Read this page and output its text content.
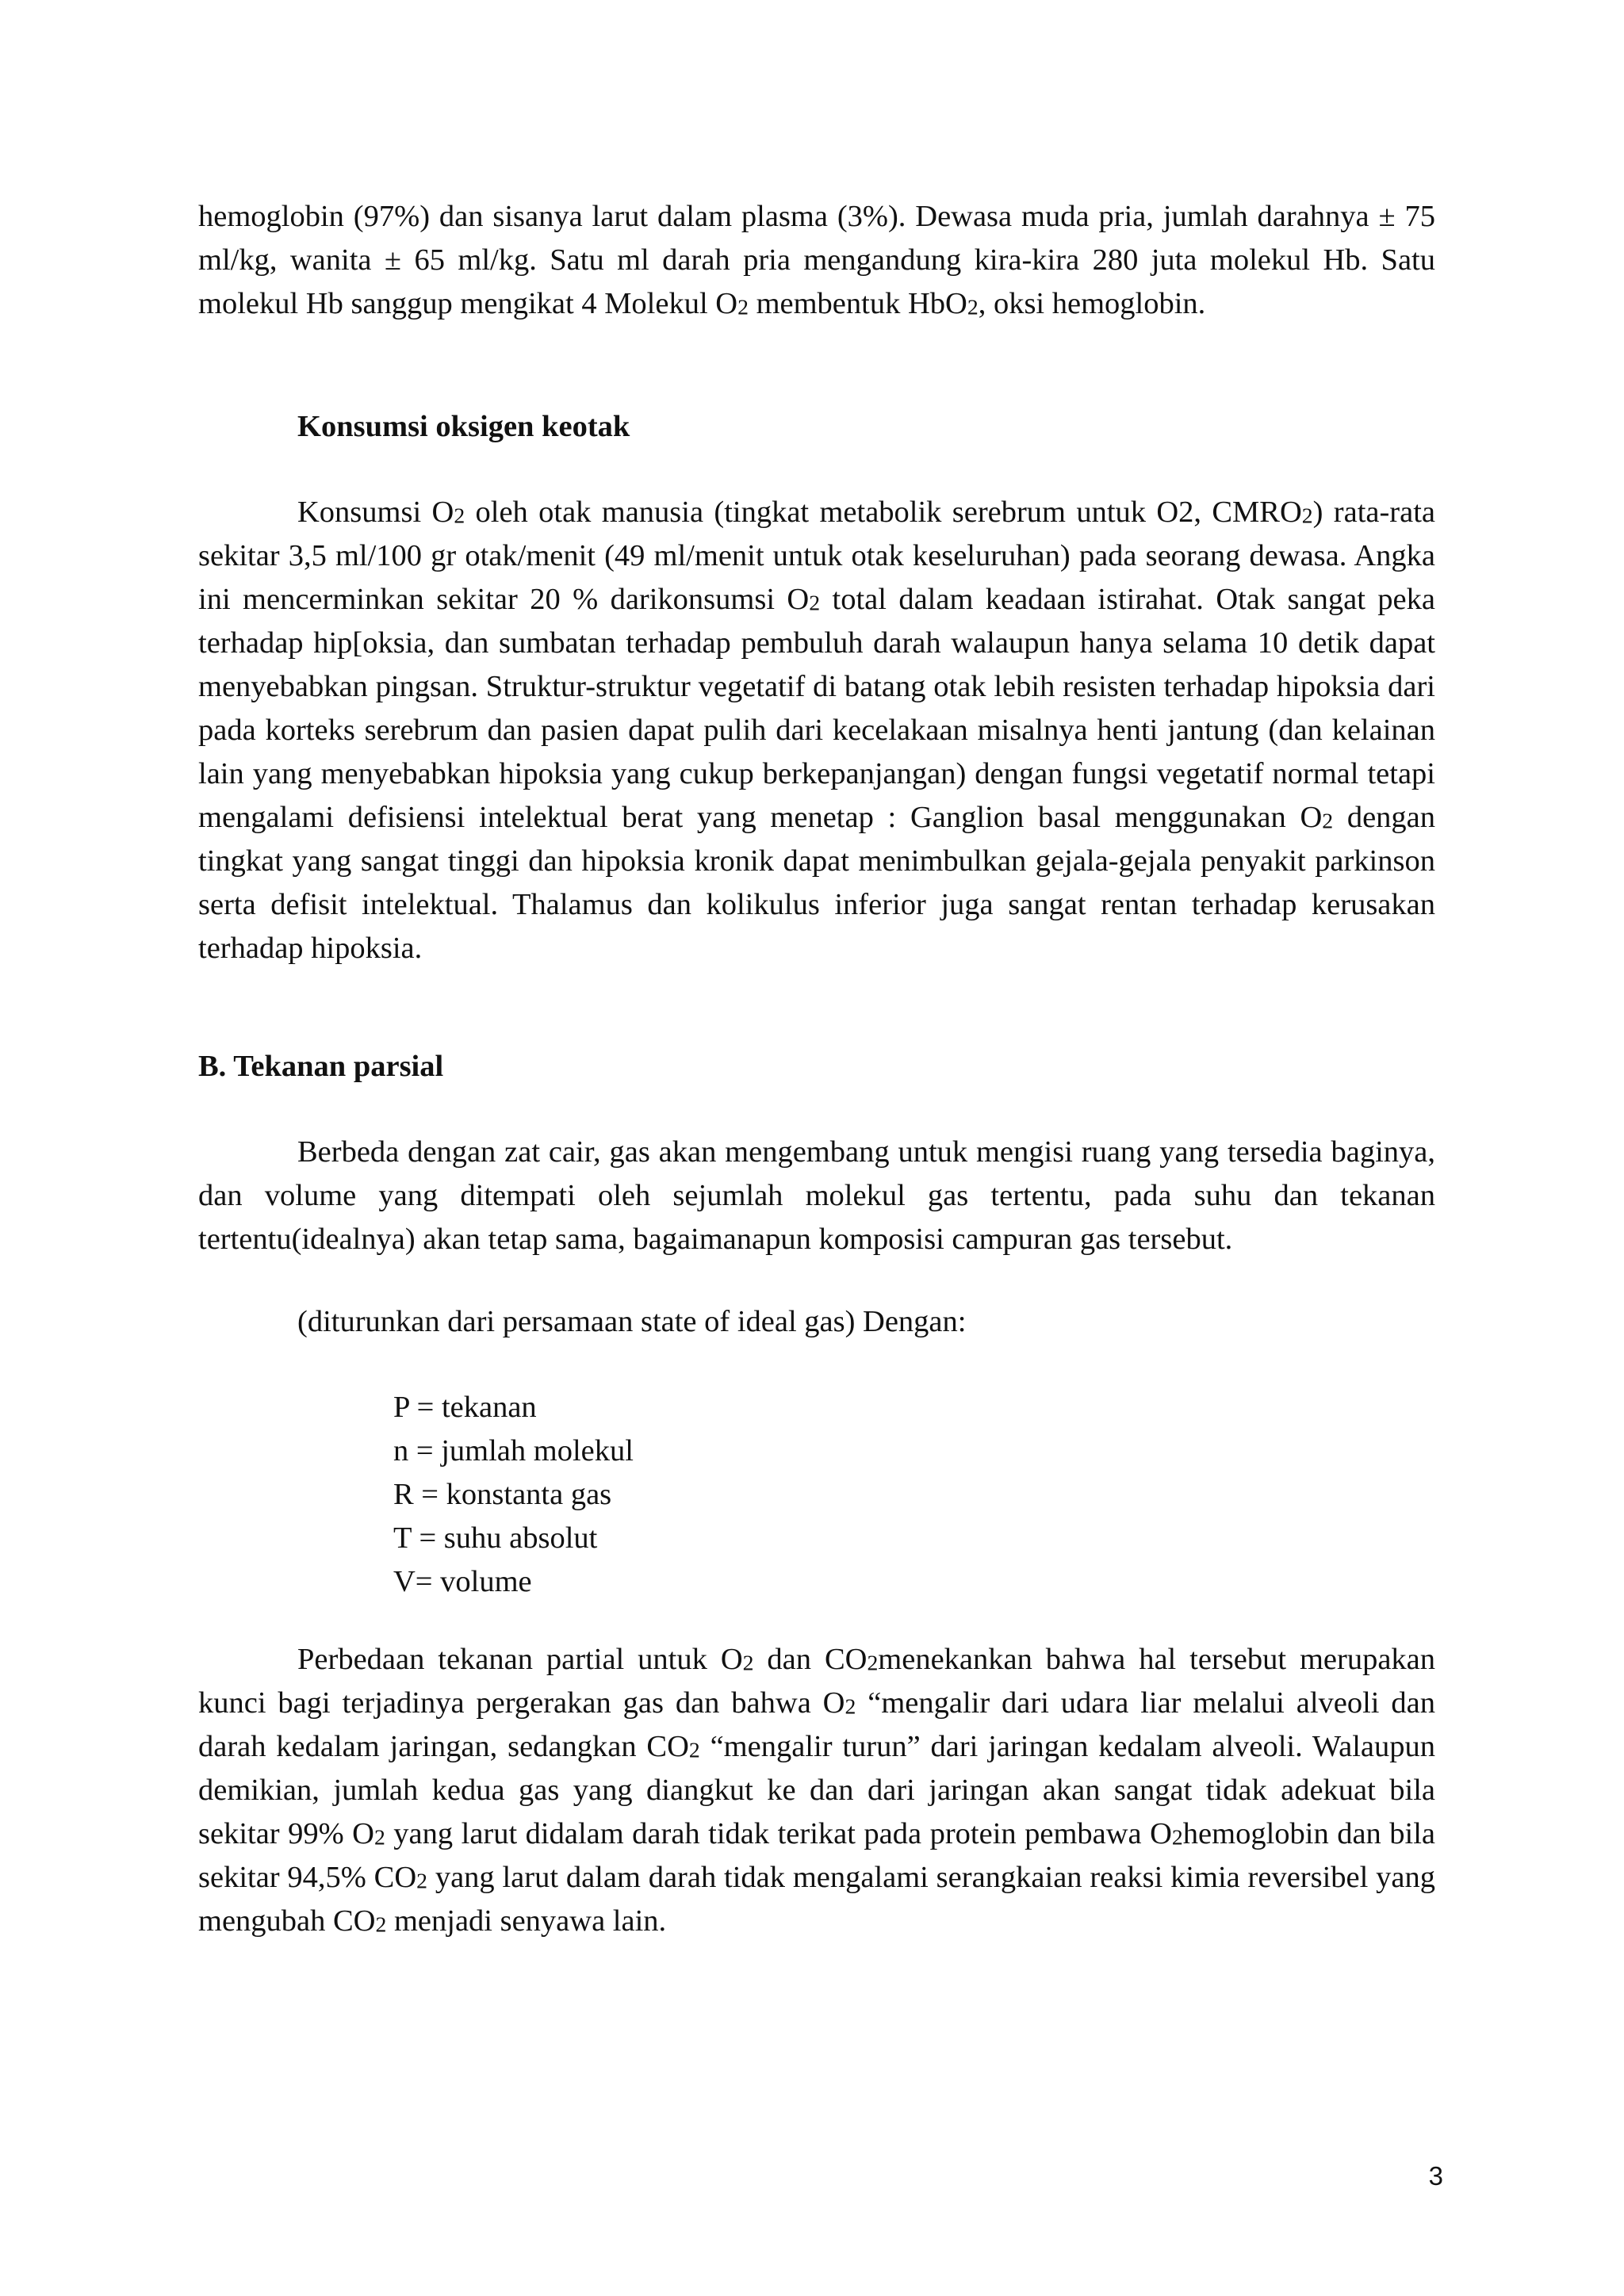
hemoglobin (97%) dan sisanya larut dalam plasma (3%). Dewasa muda pria, jumlah darahnya ± 75 ml/kg, wanita ± 65 ml/kg. Satu ml darah pria mengandung kira-kira 280 juta molekul Hb. Satu molekul Hb sanggup mengikat 4 Molekul $O_2$ membentuk HbO$_2$, oksi hemoglobin.

Konsumsi oksigen keotak

Konsumsi $O_2$ oleh otak manusia (tingkat metabolik serebrum untuk O2, $CMRO_2$) rata-rata sekitar 3,5 ml/100 gr otak/menit (49 ml/menit untuk otak keseluruhan) pada seorang dewasa. Angka ini mencerminkan sekitar 20 % darikonsumsi $O_2$ total dalam keadaan istirahat. Otak sangat peka terhadap hip[oksia, dan sumbatan terhadap pembuluh darah walaupun hanya selama 10 detik dapat menyebabkan pingsan. Struktur-struktur vegetatif di batang otak lebih resisten terhadap hipoksia dari pada korteks serebrum dan pasien dapat pulih dari kecelakaan misalnya henti jantung (dan kelainan lain yang menyebabkan hipoksia yang cukup berkepanjangan) dengan fungsi vegetatif normal tetapi mengalami defisiensi intelektual berat yang menetap : Ganglion basal menggunakan $O_2$ dengan tingkat yang sangat tinggi dan hipoksia kronik dapat menimbulkan gejala-gejala penyakit parkinson serta defisit intelektual. Thalamus dan kolikulus inferior juga sangat rentan terhadap kerusakan terhadap hipoksia.

B. Tekanan parsial

Berbeda dengan zat cair, gas akan mengembang untuk mengisi ruang yang tersedia baginya, dan volume yang ditempati oleh sejumlah molekul gas tertentu, pada suhu dan tekanan tertentu(idealnya) akan tetap sama, bagaimanapun komposisi campuran gas tersebut.

(diturunkan dari persamaan state of ideal gas) Dengan:

P = tekanan
n = jumlah molekul
R = konstanta gas
T = suhu absolut
V= volume

Perbedaan tekanan partial untuk $O_2$ dan $CO_2menekankan$ bahwa hal tersebut merupakan kunci bagi terjadinya pergerakan gas dan bahwa $O_2$ “mengalir dari udara liar melalui alveoli dan darah kedalam jaringan, sedangkan $CO_2$ “mengalir turun” dari jaringan kedalam alveoli. Walaupun demikian, jumlah kedua gas yang diangkut ke dan dari jaringan akan sangat tidak adekuat bila sekitar 99% $O_2$ yang larut didalam darah tidak terikat pada protein pembawa $O_2hemoglobin$ dan bila sekitar 94,5% $CO_2$ yang larut dalam darah tidak mengalami serangkaian reaksi kimia reversibel yang mengubah $CO_2$ menjadi senyawa lain.

3
